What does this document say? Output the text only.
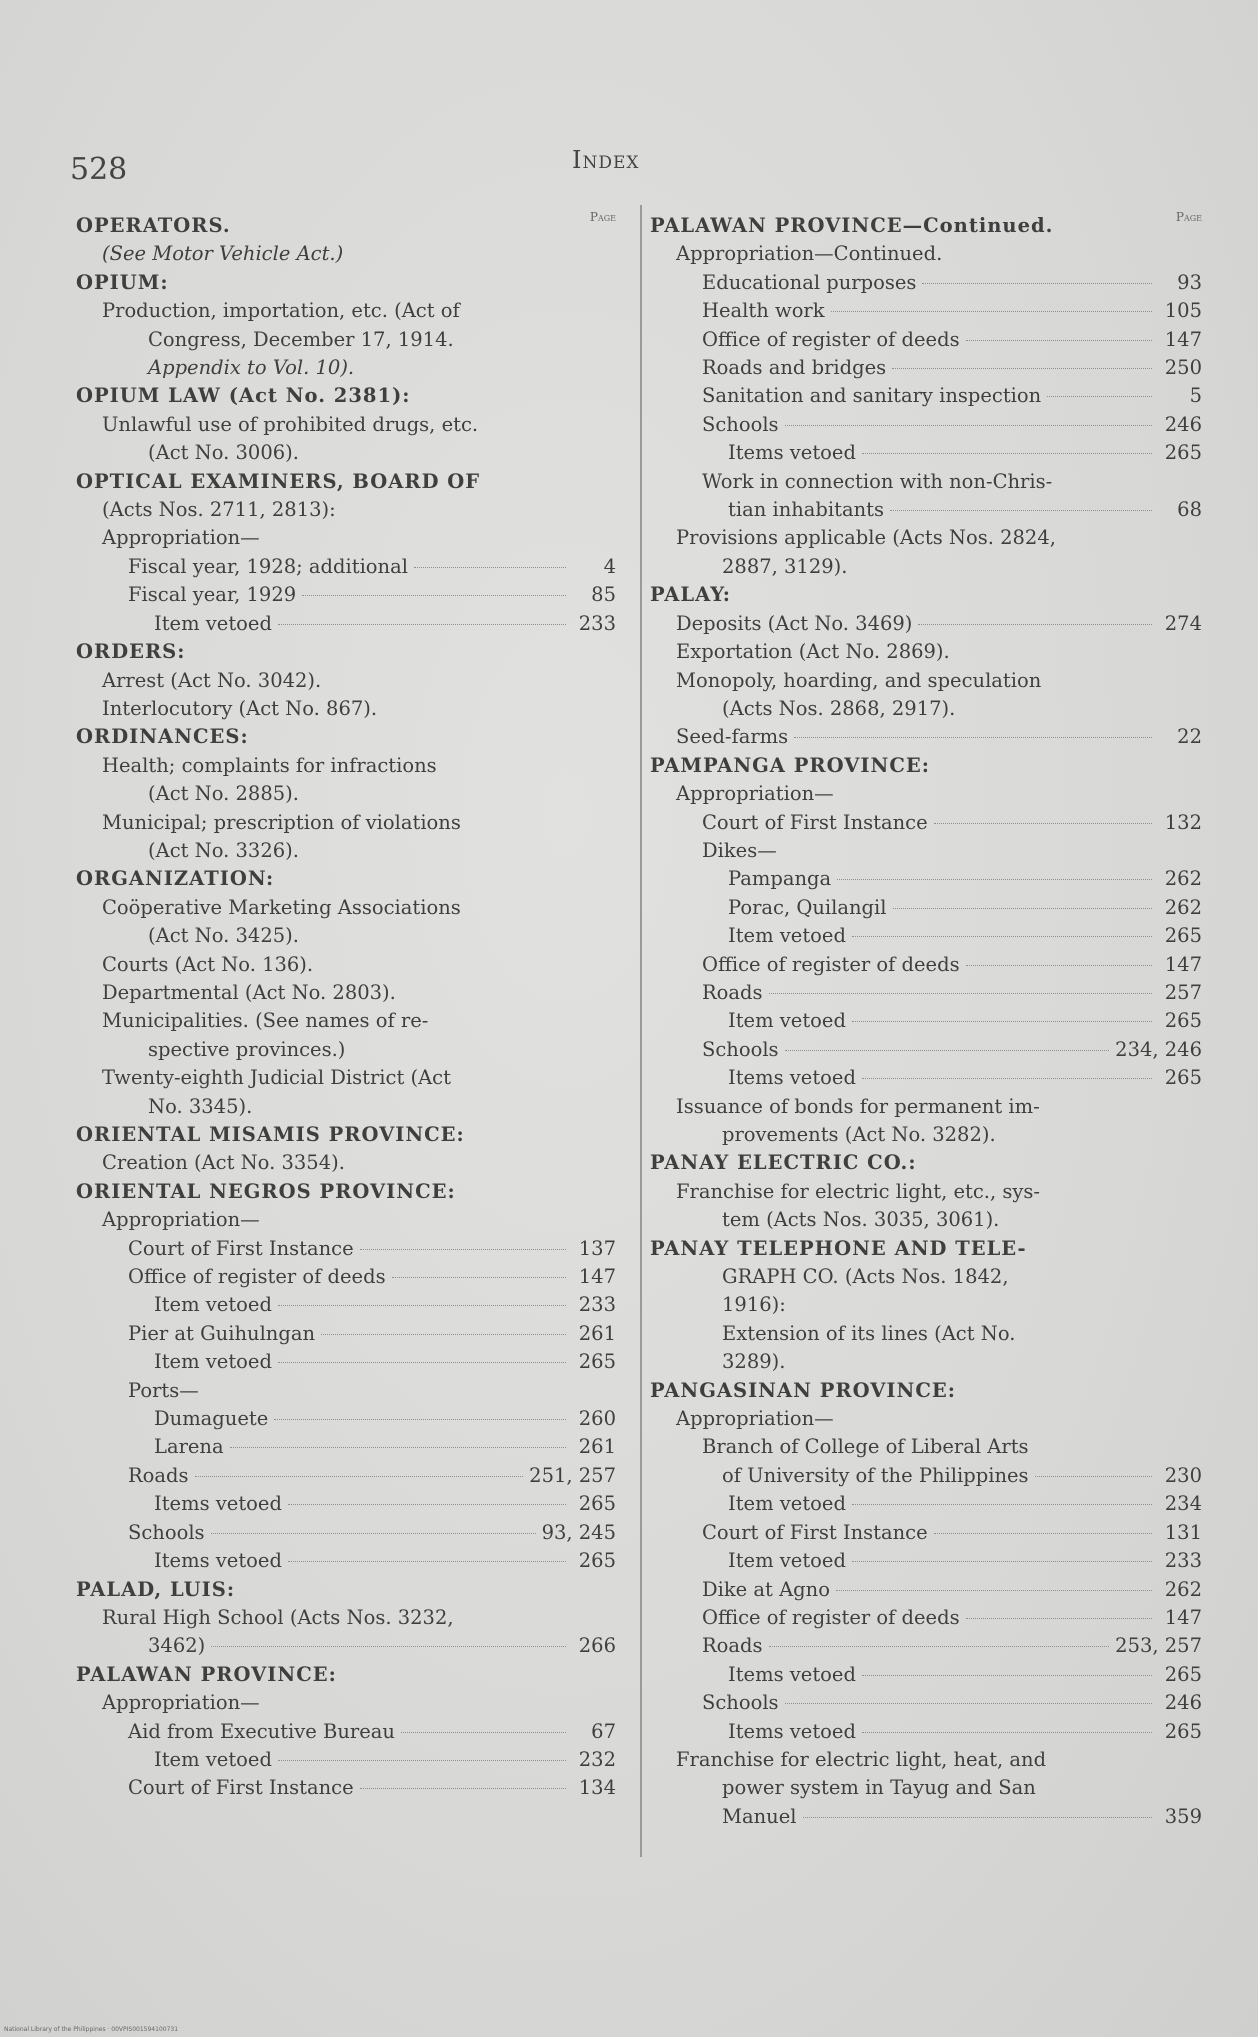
528	Index
Page
OPERATORS.
(See Motor Vehicle Act.)
OPIUM:
Production, importation, etc. (Act of
Congress, December 17, 1914.
Appendix to Vol. 10).
OPIUM LAW (Act No. 2381):
Unlawful use of prohibited drugs, etc.
(Act No. 3006).
OPTICAL EXAMINERS, BOARD OF
(Acts Nos. 2711, 2813):
Appropriation—
Fiscal year, 1928; additional	4
Fiscal year, 1929	85
Item vetoed	233
ORDERS:
Arrest (Act No. 3042).
Interlocutory (Act No. 867).
ORDINANCES:
Health; complaints for infractions
(Act No. 2885).
Municipal; prescription of violations
(Act No. 3326).
ORGANIZATION:
Coöperative Marketing Associations
(Act No. 3425).
Courts (Act No. 136).
Departmental (Act No. 2803).
Municipalities. (See names of re-
spective provinces.)
Twenty-eighth Judicial District (Act
No. 3345).
ORIENTAL MISAMIS PROVINCE:
Creation (Act No. 3354).
ORIENTAL NEGROS PROVINCE:
Appropriation—
Court of First Instance	137
Office of register of deeds	147
Item vetoed	233
Pier at Guihulngan	261
Item vetoed	265
Ports—
Dumaguete	260
Larena	261
Roads	251, 257
Items vetoed	265
Schools	93, 245
Items vetoed	265
PALAD, LUIS:
Rural High School (Acts Nos. 3232,
3462)	266
PALAWAN PROVINCE:
Appropriation—
Aid from Executive Bureau	67
Item vetoed	232
Court of First Instance	134
Page
PALAWAN PROVINCE—Continued.
Appropriation—Continued.
Educational purposes	93
Health work	105
Office of register of deeds	147
Roads and bridges	250
Sanitation and sanitary inspection	5
Schools	246
Items vetoed	265
Work in connection with non-Chris-
tian inhabitants	68
Provisions applicable (Acts Nos. 2824,
2887, 3129).
PALAY:
Deposits (Act No. 3469)	274
Exportation (Act No. 2869).
Monopoly, hoarding, and speculation
(Acts Nos. 2868, 2917).
Seed-farms	22
PAMPANGA PROVINCE:
Appropriation—
Court of First Instance	132
Dikes—
Pampanga	262
Porac, Quilangil	262
Item vetoed	265
Office of register of deeds	147
Roads	257
Item vetoed	265
Schools	234, 246
Items vetoed	265
Issuance of bonds for permanent im-
provements (Act No. 3282).
PANAY ELECTRIC CO.:
Franchise for electric light, etc., sys-
tem (Acts Nos. 3035, 3061).
PANAY TELEPHONE AND TELE-
GRAPH CO. (Acts Nos. 1842,
1916):
Extension of its lines (Act No.
3289).
PANGASINAN PROVINCE:
Appropriation—
Branch of College of Liberal Arts
of University of the Philippines	230
Item vetoed	234
Court of First Instance	131
Item vetoed	233
Dike at Agno	262
Office of register of deeds	147
Roads	253, 257
Items vetoed	265
Schools	246
Items vetoed	265
Franchise for electric light, heat, and
power system in Tayug and San
Manuel	359
National Library of the Philippines · 00VPIS001594100731
